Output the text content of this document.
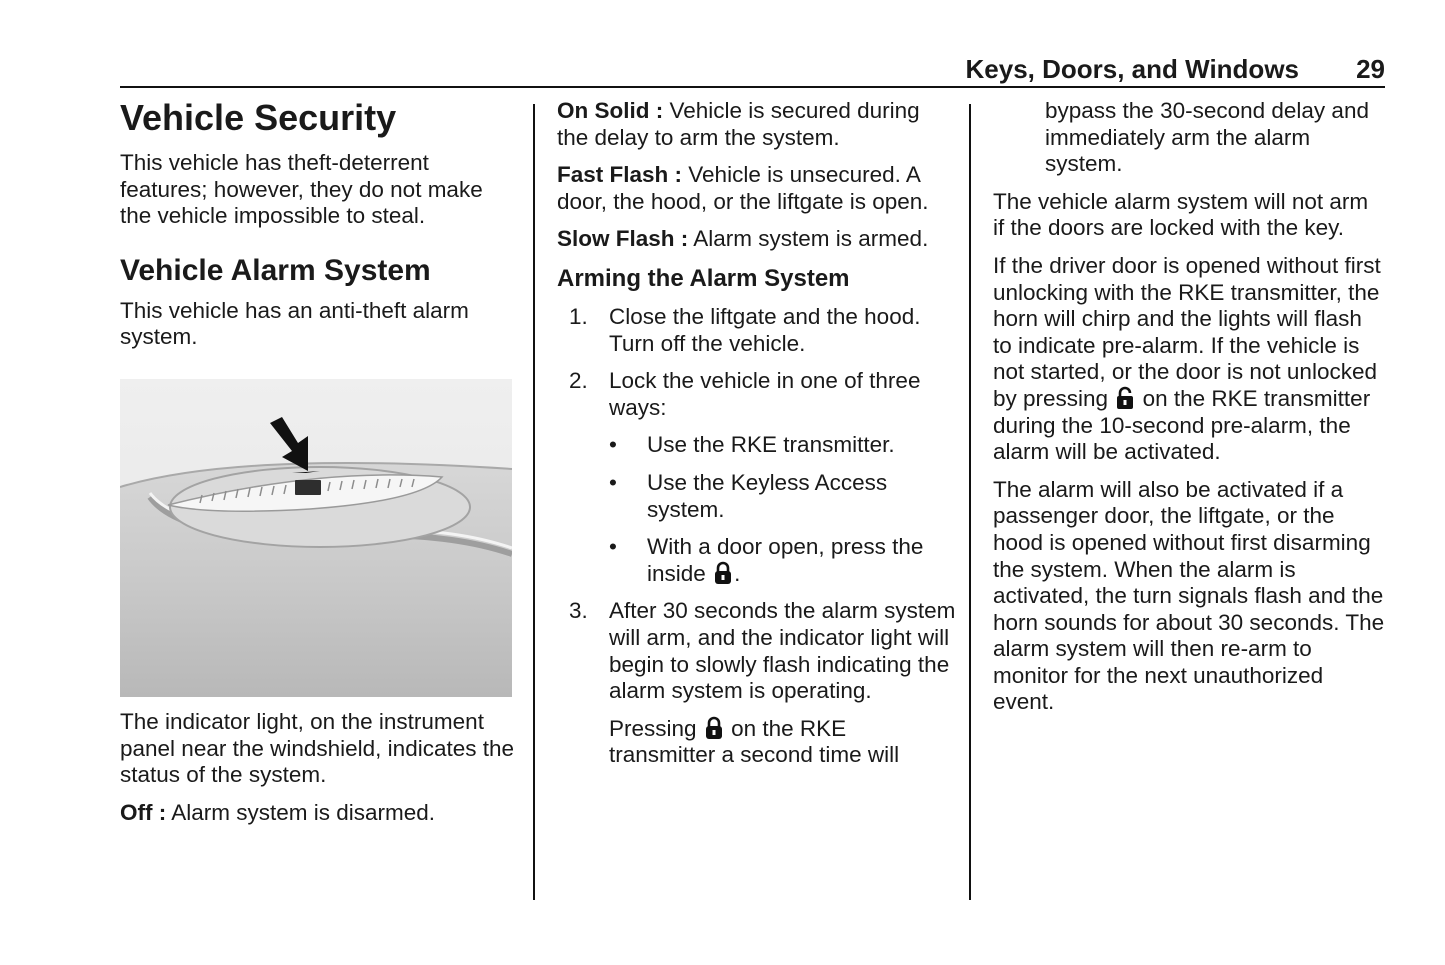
Keys, Doors, and Windows 29
Vehicle Security

This vehicle has theft-deterrent features; however, they do not make the vehicle impossible to steal.

Vehicle Alarm System

This vehicle has an anti-theft alarm system.

The indicator light, on the instrument panel near the windshield, indicates the status of the system.

Off : Alarm system is disarmed.

On Solid : Vehicle is secured during the delay to arm the system.

Fast Flash : Vehicle is unsecured. A door, the hood, or the liftgate is open.

Slow Flash : Alarm system is armed.

Arming the Alarm System
1. Close the liftgate and the hood. Turn off the vehicle.
2. Lock the vehicle in one of three ways:
• Use the RKE transmitter.
• Use the Keyless Access system.
• With a door open, press the inside .
3. After 30 seconds the alarm system will arm, and the indicator light will begin to slowly flash indicating the alarm system is operating.
Pressing on the RKE transmitter a second time will
bypass the 30-second delay and immediately arm the alarm system.

The vehicle alarm system will not arm if the doors are locked with the key.

If the driver door is opened without first unlocking with the RKE transmitter, the horn will chirp and the lights will flash to indicate pre-alarm. If the vehicle is not started, or the door is not unlocked by pressing on the RKE transmitter during the 10-second pre-alarm, the alarm will be activated.

The alarm will also be activated if a passenger door, the liftgate, or the hood is opened without first disarming the system. When the alarm is activated, the turn signals flash and the horn sounds for about 30 seconds. The alarm system will then re-arm to monitor for the next unauthorized event.
